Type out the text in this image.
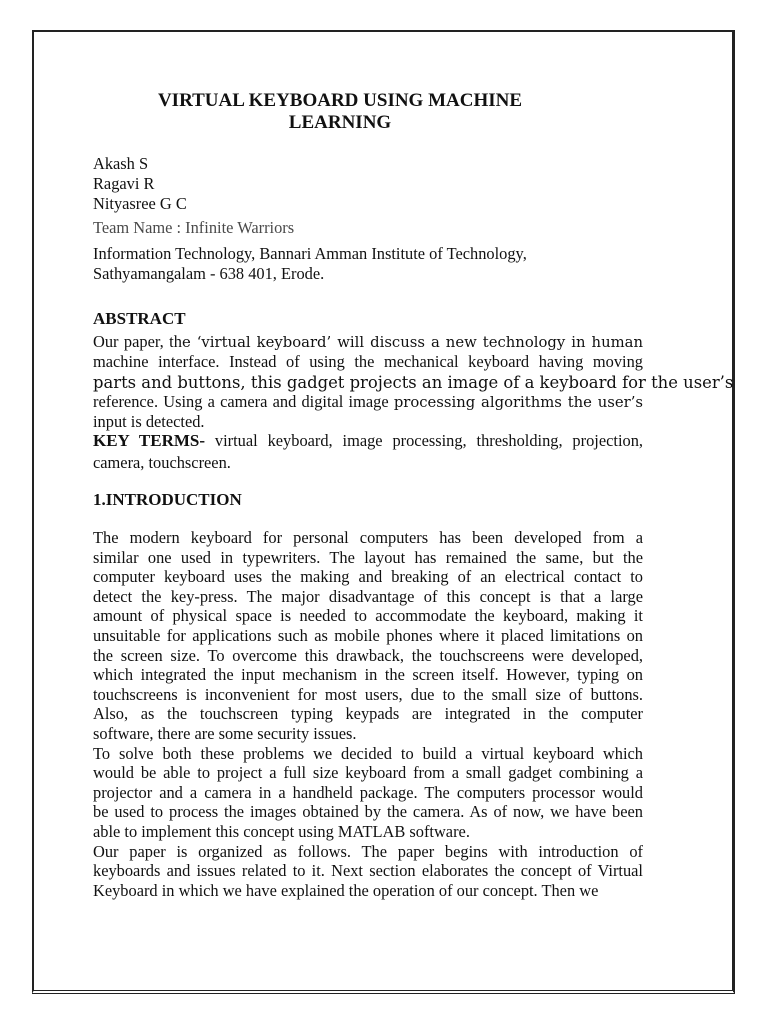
VIRTUAL KEYBOARD USING MACHINE
LEARNING
Akash S
Ragavi R
Nityasree G C
Team Name : Infinite Warriors
Information Technology, Bannari Amman Institute of Technology,
Sathyamangalam - 638 401, Erode.
ABSTRACT
Our paper, the ‘virtual keyboard’ will discuss a new technology in human
machine interface. Instead of using the mechanical keyboard having moving
parts and buttons, this gadget projects an image of a keyboard for the user’s
reference. Using a camera and digital image processing algorithms the user’s
input is detected.
KEY TERMS- virtual keyboard, image processing, thresholding, projection,
camera, touchscreen.
1.INTRODUCTION
The modern keyboard for personal computers has been developed from a
similar one used in typewriters. The layout has remained the same, but the
computer keyboard uses the making and breaking of an electrical contact to
detect the key-press. The major disadvantage of this concept is that a large
amount of physical space is needed to accommodate the keyboard, making it
unsuitable for applications such as mobile phones where it placed limitations on
the screen size. To overcome this drawback, the touchscreens were developed,
which integrated the input mechanism in the screen itself. However, typing on
touchscreens is inconvenient for most users, due to the small size of buttons.
Also, as the touchscreen typing keypads are integrated in the computer
software, there are some security issues.
To solve both these problems we decided to build a virtual keyboard which
would be able to project a full size keyboard from a small gadget combining a
projector and a camera in a handheld package. The computers processor would
be used to process the images obtained by the camera. As of now, we have been
able to implement this concept using MATLAB software.
Our paper is organized as follows. The paper begins with introduction of
keyboards and issues related to it. Next section elaborates the concept of Virtual
Keyboard in which we have explained the operation of our concept. Then we
